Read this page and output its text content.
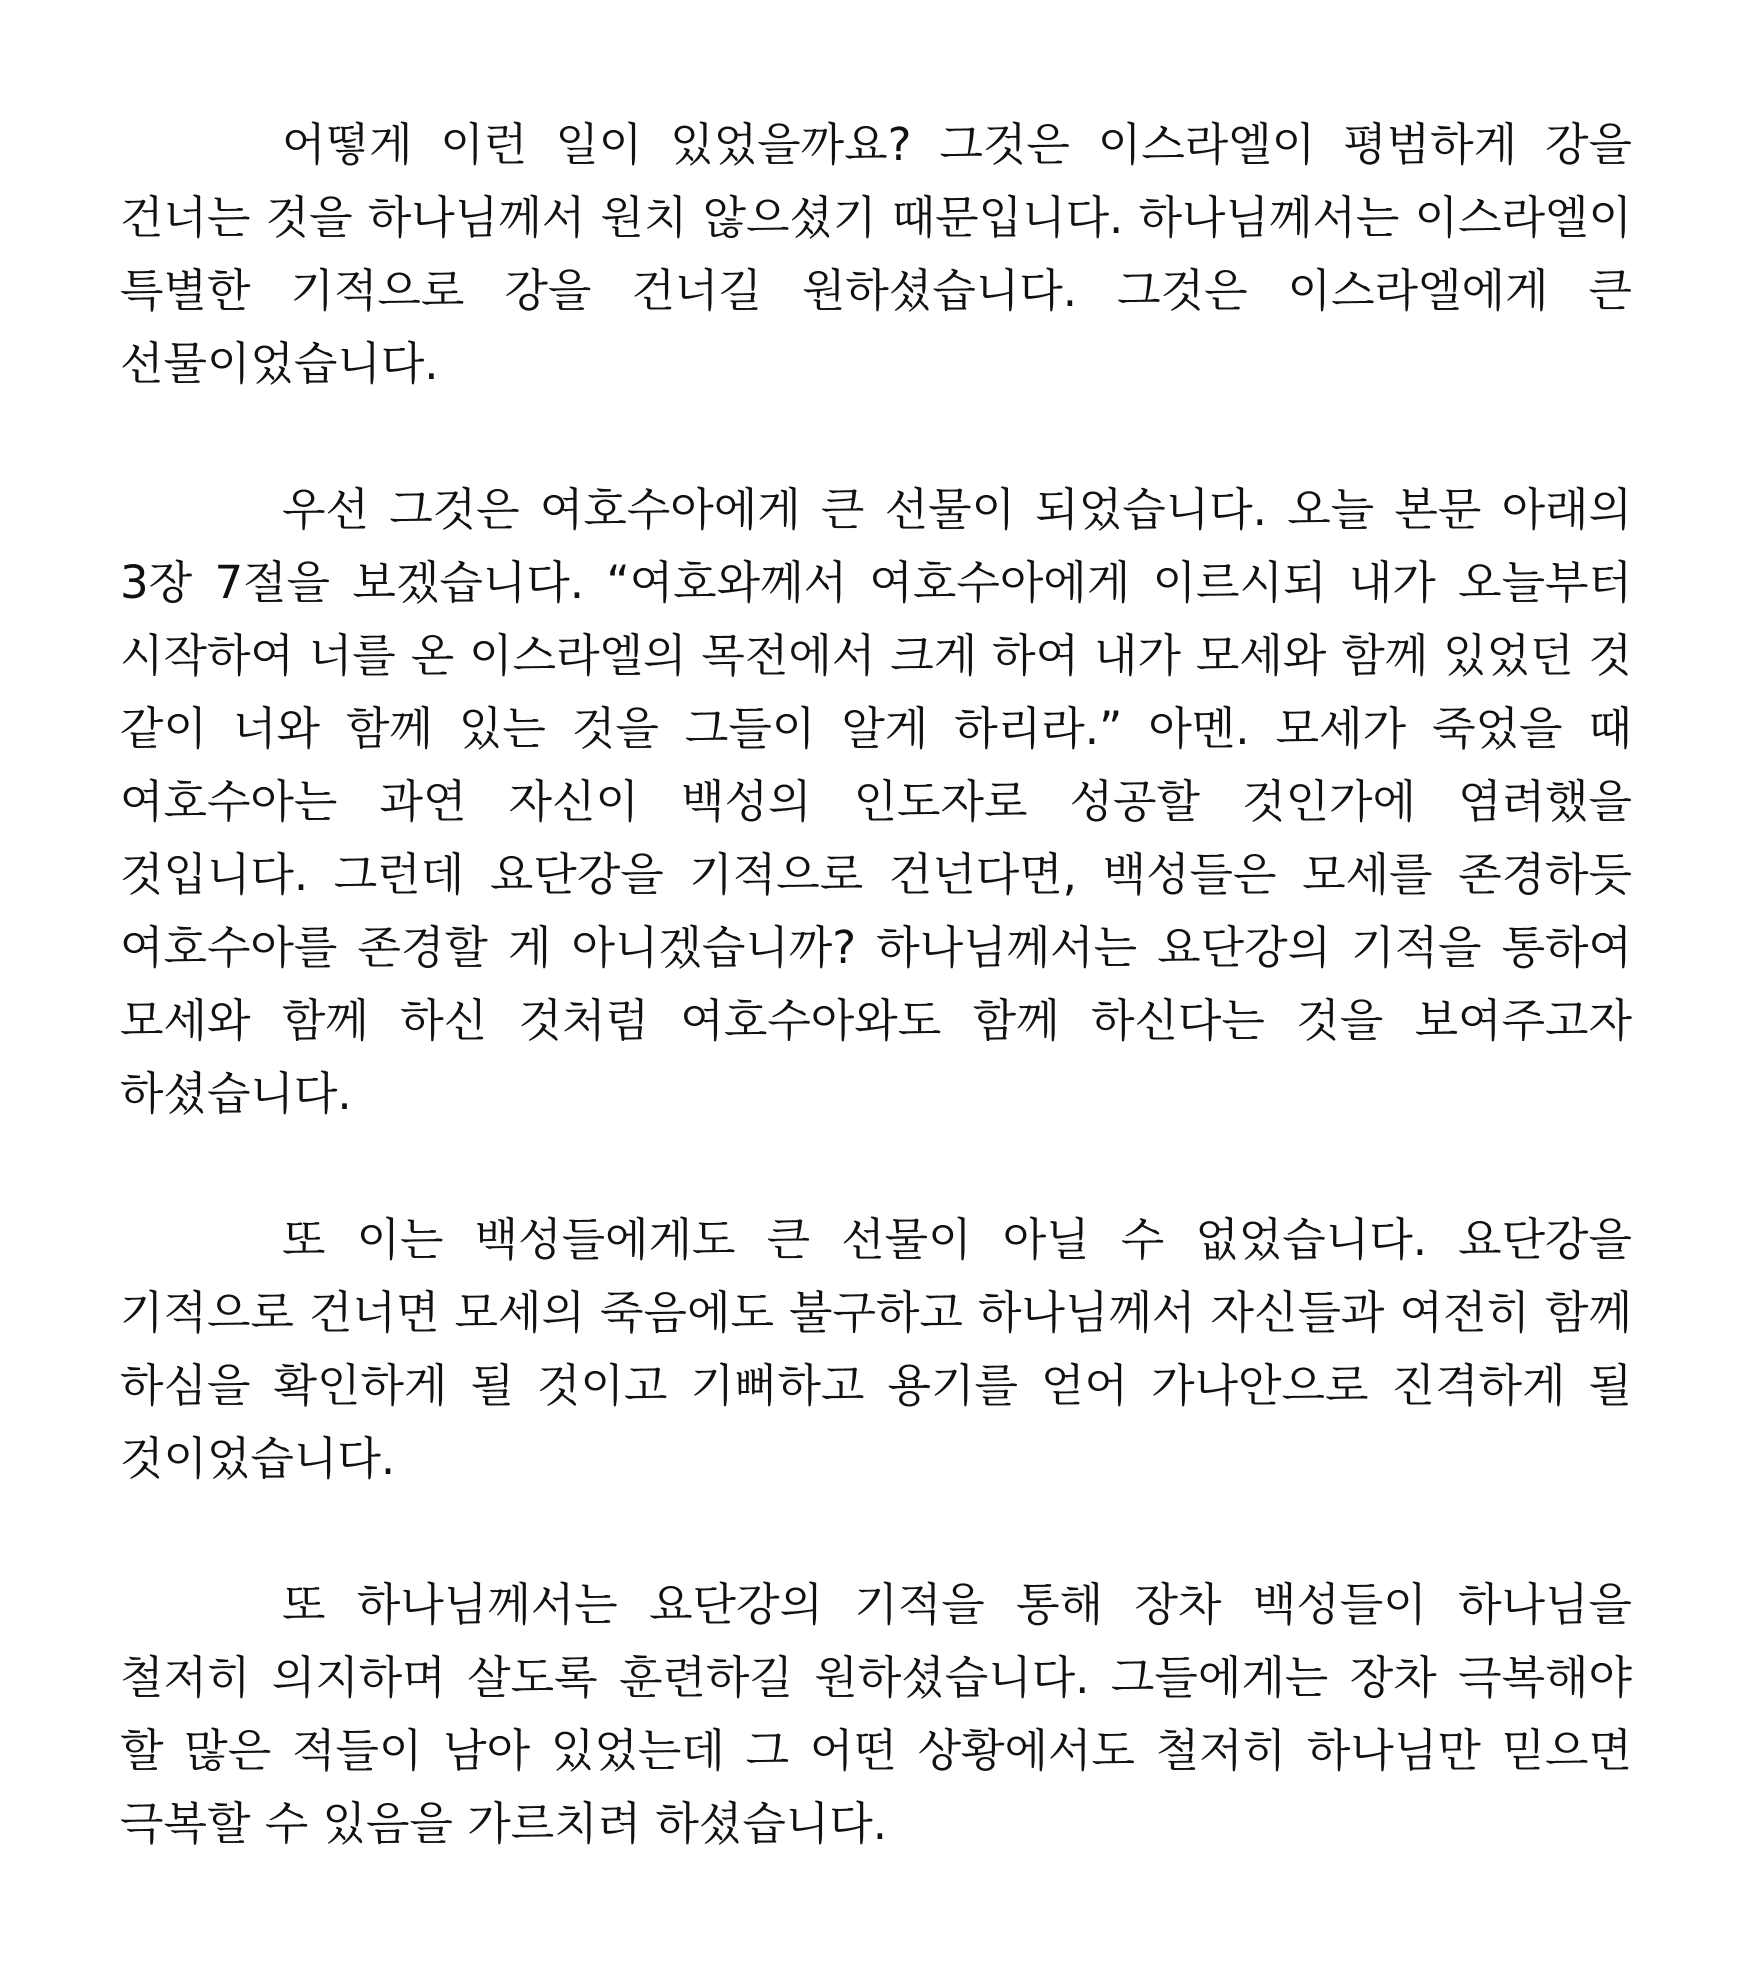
어떻게 이런 일이 있었을까요? 그것은 이스라엘이 평범하게 강을 건너는 것을 하나님께서 원치 않으셨기 때문입니다. 하나님께서는 이스라엘이 특별한 기적으로 강을 건너길 원하셨습니다. 그것은 이스라엘에게 큰 선물이었습니다.

우선 그것은 여호수아에게 큰 선물이 되었습니다. 오늘 본문 아래의 3장 7절을 보겠습니다. “여호와께서 여호수아에게 이르시되 내가 오늘부터 시작하여 너를 온 이스라엘의 목전에서 크게 하여 내가 모세와 함께 있었던 것 같이 너와 함께 있는 것을 그들이 알게 하리라.” 아멘. 모세가 죽었을 때 여호수아는 과연 자신이 백성의 인도자로 성공할 것인가에 염려했을 것입니다. 그런데 요단강을 기적으로 건넌다면, 백성들은 모세를 존경하듯 여호수아를 존경할 게 아니겠습니까? 하나님께서는 요단강의 기적을 통하여 모세와 함께 하신 것처럼 여호수아와도 함께 하신다는 것을 보여주고자 하셨습니다.

또 이는 백성들에게도 큰 선물이 아닐 수 없었습니다. 요단강을 기적으로 건너면 모세의 죽음에도 불구하고 하나님께서 자신들과 여전히 함께 하심을 확인하게 될 것이고 기뻐하고 용기를 얻어 가나안으로 진격하게 될 것이었습니다.

또 하나님께서는 요단강의 기적을 통해 장차 백성들이 하나님을 철저히 의지하며 살도록 훈련하길 원하셨습니다. 그들에게는 장차 극복해야 할 많은 적들이 남아 있었는데 그 어떤 상황에서도 철저히 하나님만 믿으면 극복할 수 있음을 가르치려 하셨습니다.
